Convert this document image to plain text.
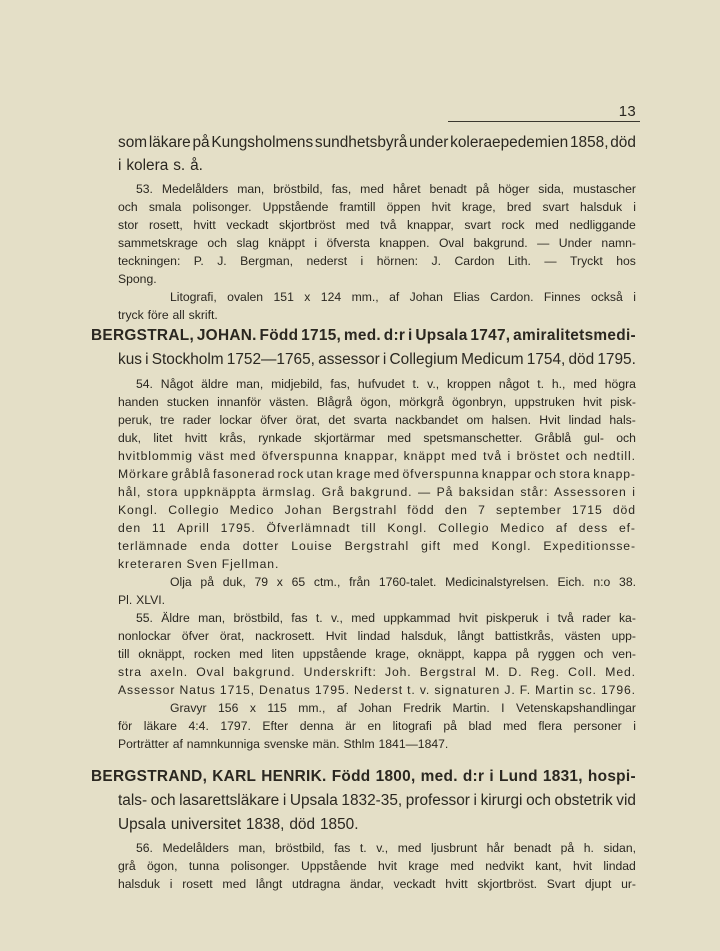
13
som läkare på Kungsholmens sundhetsbyrå under koleraepedemien 1858, död
i kolera s. å.
53. Medelålders man, bröstbild, fas, med håret benadt på höger sida, mustascher
och smala polisonger. Uppstående framtill öppen hvit krage, bred svart halsduk i
stor rosett, hvitt veckadt skjortbröst med två knappar, svart rock med nedliggande
sammetskrage och slag knäppt i öfversta knappen. Oval bakgrund. — Under namn-
teckningen: P. J. Bergman, nederst i hörnen: J. Cardon Lith. — Tryckt hos
Spong.
Litografi, ovalen 151 x 124 mm., af Johan Elias Cardon. Finnes också i
tryck före all skrift.
BERGSTRAL, JOHAN. Född 1715, med. d:r i Upsala 1747, amiralitetsmedi-
kus i Stockholm 1752—1765, assessor i Collegium Medicum 1754, död 1795.
54. Något äldre man, midjebild, fas, hufvudet t. v., kroppen något t. h., med högra
handen stucken innanför västen. Blågrå ögon, mörkgrå ögonbryn, uppstruken hvit pisk-
peruk, tre rader lockar öfver örat, det svarta nackbandet om halsen. Hvit lindad hals-
duk, litet hvitt krås, rynkade skjortärmar med spetsmanschetter. Gråblå gul- och
hvitblommig väst med öfverspunna knappar, knäppt med två i bröstet och nedtill.
Mörkare gråblå fasonerad rock utan krage med öfverspunna knappar och stora knapp-
hål, stora uppknäppta ärmslag. Grå bakgrund. — På baksidan står: Assessoren i
Kongl. Collegio Medico Johan Bergstrahl född den 7 september 1715 död
den 11 Aprill 1795. Öfverlämnadt till Kongl. Collegio Medico af dess ef-
terlämnade enda dotter Louise Bergstrahl gift med Kongl. Expeditionsse-
kreteraren Sven Fjellman.
Olja på duk, 79 x 65 ctm., från 1760-talet. Medicinalstyrelsen. Eich. n:o 38.
Pl. XLVI.
55. Äldre man, bröstbild, fas t. v., med uppkammad hvit piskperuk i två rader ka-
nonlockar öfver örat, nackrosett. Hvit lindad halsduk, långt battistkrås, västen upp-
till oknäppt, rocken med liten uppstående krage, oknäppt, kappa på ryggen och ven-
stra axeln. Oval bakgrund. Underskrift: Joh. Bergstral M. D. Reg. Coll. Med.
Assessor Natus 1715, Denatus 1795. Nederst t. v. signaturen J. F. Martin sc. 1796.
Gravyr 156 x 115 mm., af Johan Fredrik Martin. I Vetenskapshandlingar
för läkare 4:4. 1797. Efter denna är en litografi på blad med flera personer i
Porträtter af namnkunniga svenske män. Sthlm 1841—1847.
BERGSTRAND, KARL HENRIK. Född 1800, med. d:r i Lund 1831, hospi-
tals- och lasarettsläkare i Upsala 1832-35, professor i kirurgi och obstetrik vid
Upsala universitet 1838, död 1850.
56. Medelålders man, bröstbild, fas t. v., med ljusbrunt hår benadt på h. sidan,
grå ögon, tunna polisonger. Uppstående hvit krage med nedvikt kant, hvit lindad
halsduk i rosett med långt utdragna ändar, veckadt hvitt skjortbröst. Svart djupt ur-
